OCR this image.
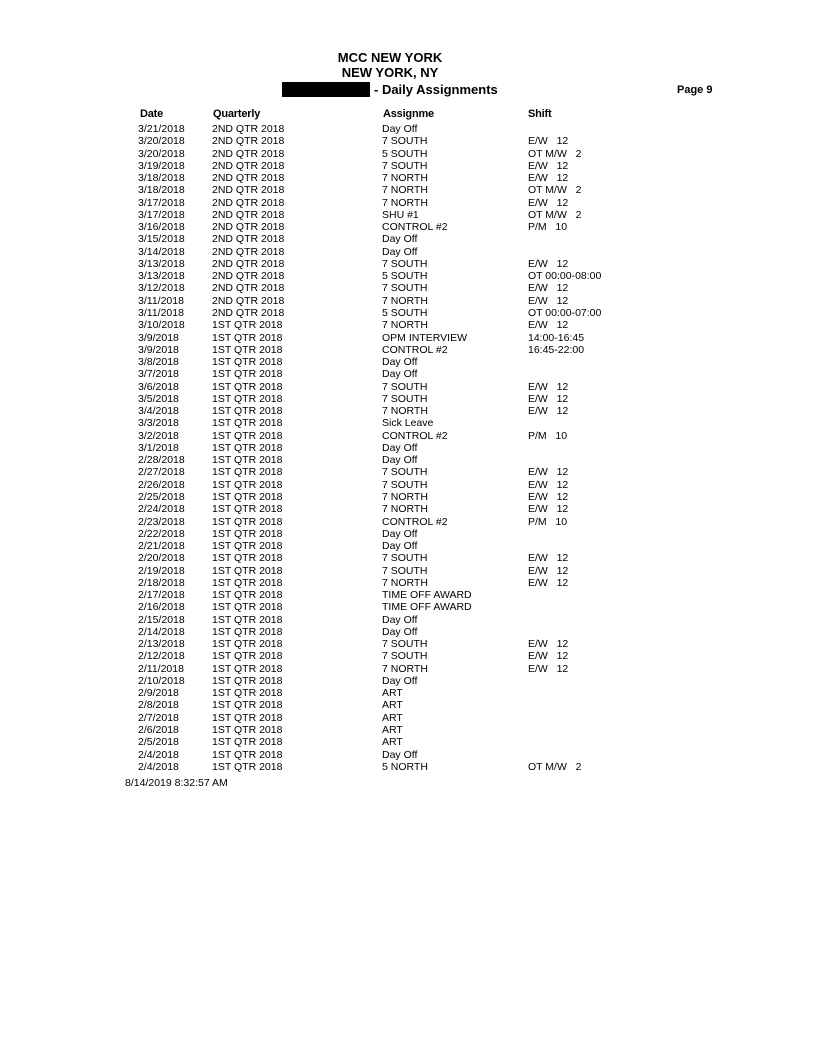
MCC NEW YORK
NEW YORK, NY
- Daily Assignments	Page 9
Date	Quarterly	Assignme	Shift
3/21/2018	2ND QTR 2018	Day Off
3/20/2018	2ND QTR 2018	7 SOUTH	E/W   12
3/20/2018	2ND QTR 2018	5 SOUTH	OT M/W   2
3/19/2018	2ND QTR 2018	7 SOUTH	E/W   12
3/18/2018	2ND QTR 2018	7 NORTH	E/W   12
3/18/2018	2ND QTR 2018	7 NORTH	OT M/W   2
3/17/2018	2ND QTR 2018	7 NORTH	E/W   12
3/17/2018	2ND QTR 2018	SHU #1	OT M/W   2
3/16/2018	2ND QTR 2018	CONTROL #2	P/M   10
3/15/2018	2ND QTR 2018	Day Off
3/14/2018	2ND QTR 2018	Day Off
3/13/2018	2ND QTR 2018	7 SOUTH	E/W   12
3/13/2018	2ND QTR 2018	5 SOUTH	OT 00:00-08:00
3/12/2018	2ND QTR 2018	7 SOUTH	E/W   12
3/11/2018	2ND QTR 2018	7 NORTH	E/W   12
3/11/2018	2ND QTR 2018	5 SOUTH	OT 00:00-07:00
3/10/2018	1ST QTR 2018	7 NORTH	E/W   12
3/9/2018	1ST QTR 2018	OPM INTERVIEW	14:00-16:45
3/9/2018	1ST QTR 2018	CONTROL #2	16:45-22:00
3/8/2018	1ST QTR 2018	Day Off
3/7/2018	1ST QTR 2018	Day Off
3/6/2018	1ST QTR 2018	7 SOUTH	E/W   12
3/5/2018	1ST QTR 2018	7 SOUTH	E/W   12
3/4/2018	1ST QTR 2018	7 NORTH	E/W   12
3/3/2018	1ST QTR 2018	Sick Leave
3/2/2018	1ST QTR 2018	CONTROL #2	P/M   10
3/1/2018	1ST QTR 2018	Day Off
2/28/2018	1ST QTR 2018	Day Off
2/27/2018	1ST QTR 2018	7 SOUTH	E/W   12
2/26/2018	1ST QTR 2018	7 SOUTH	E/W   12
2/25/2018	1ST QTR 2018	7 NORTH	E/W   12
2/24/2018	1ST QTR 2018	7 NORTH	E/W   12
2/23/2018	1ST QTR 2018	CONTROL #2	P/M   10
2/22/2018	1ST QTR 2018	Day Off
2/21/2018	1ST QTR 2018	Day Off
2/20/2018	1ST QTR 2018	7 SOUTH	E/W   12
2/19/2018	1ST QTR 2018	7 SOUTH	E/W   12
2/18/2018	1ST QTR 2018	7 NORTH	E/W   12
2/17/2018	1ST QTR 2018	TIME OFF AWARD
2/16/2018	1ST QTR 2018	TIME OFF AWARD
2/15/2018	1ST QTR 2018	Day Off
2/14/2018	1ST QTR 2018	Day Off
2/13/2018	1ST QTR 2018	7 SOUTH	E/W   12
2/12/2018	1ST QTR 2018	7 SOUTH	E/W   12
2/11/2018	1ST QTR 2018	7 NORTH	E/W   12
2/10/2018	1ST QTR 2018	Day Off
2/9/2018	1ST QTR 2018	ART
2/8/2018	1ST QTR 2018	ART
2/7/2018	1ST QTR 2018	ART
2/6/2018	1ST QTR 2018	ART
2/5/2018	1ST QTR 2018	ART
2/4/2018	1ST QTR 2018	Day Off
2/4/2018	1ST QTR 2018	5 NORTH	OT M/W   2
8/14/2019 8:32:57 AM
